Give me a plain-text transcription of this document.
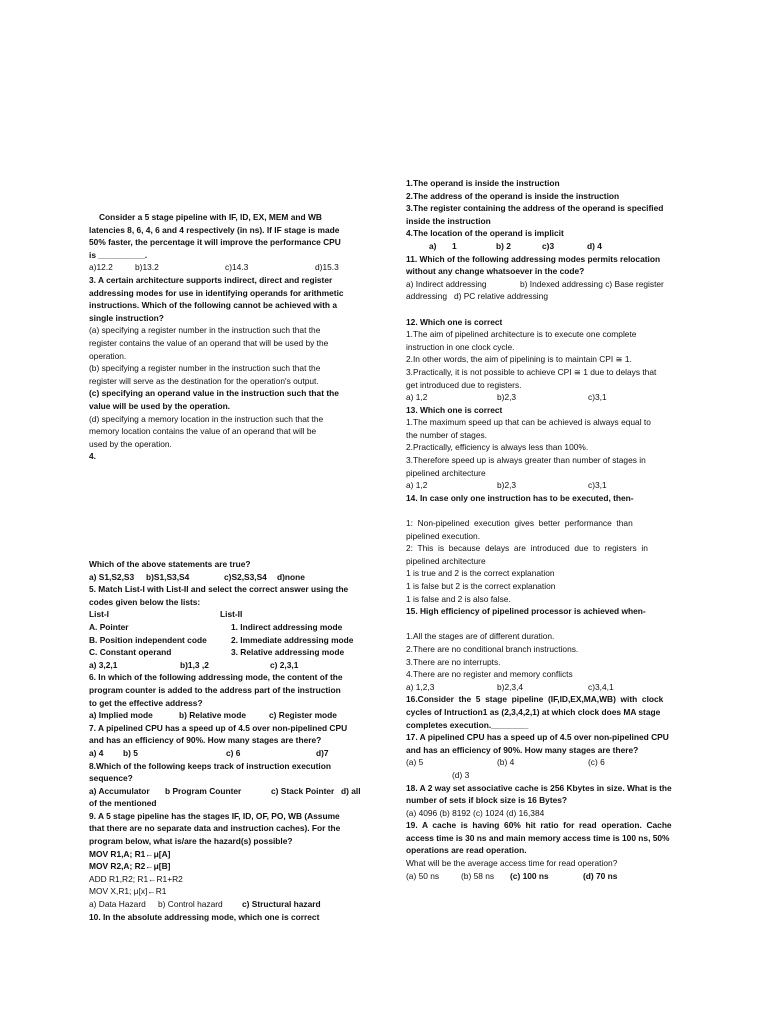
Consider a 5 stage pipeline with IF, ID, EX, MEM and WB

latencies 8, 6, 4, 6 and 4 respectively (in ns). If IF stage is made

50% faster, the percentage it will improve the performance CPU

is __________.

a)12.2	b)13.2	c)14.3	d)15.3

3. A certain architecture supports indirect, direct and register

addressing modes for use in identifying operands for arithmetic

instructions. Which of the following cannot be achieved with a

single instruction?

(a) specifying a register number in the instruction such that the

register contains the value of an operand that will be used by the

operation.

(b) specifying a register number in the instruction such that the

register will serve as the destination for the operation's output.

(c) specifying an operand value in the instruction such that the

value will be used by the operation.

(d) specifying a memory location in the instruction such that the

memory location contains the value of an operand that will be

used by the operation.

4.

Which of the above statements are true?

a) S1,S2,S3	b)S1,S3,S4	c)S2,S3,S4	d)none

5. Match List-I with List-II and select the correct answer using the

codes given below the lists:

List-I	List-II
A. Pointer	1. Indirect addressing mode
B. Position independent code	2. Immediate addressing mode
C. Constant operand	3. Relative addressing mode
a) 3,2,1	b)1,3 ,2	c) 2,3,1

6. In which of the following addressing mode, the content of the

program counter is added to the address part of the instruction

to get the effective address?

a) Implied mode	b) Relative mode	c) Register mode

7. A pipelined CPU has a speed up of 4.5 over non-pipelined CPU

and has an efficiency of 90%. How many stages are there?

a) 4	b) 5	c) 6	d)7

8.Which of the following keeps track of instruction execution

sequence?

a) Accumulator	b Program Counter	c) Stack Pointer d) all

of the mentioned

9. A 5 stage pipeline has the stages IF, ID, OF, PO, WB (Assume

that there are no separate data and instruction caches). For the

program below, what is/are the hazard(s) possible?

MOV R1,A; R1←μ[A]

MOV R2,A; R2←μ[B]

ADD R1,R2; R1←R1+R2

MOV X,R1; μ[x]←R1

a) Data Hazard	b) Control hazard	c) Structural hazard

10. In the absolute addressing mode, which one is correct

1.The operand is inside the instruction

2.The address of the operand is inside the instruction

3.The register containing the address of the operand is specified

inside the instruction

4.The location of the operand is implicit

a)	1	b) 2	c)3	d) 4

11. Which of the following addressing modes permits relocation

without any change whatsoever in the code?

a) Indirect addressing	b) Indexed addressing c) Base register

addressing   d) PC relative addressing

12. Which one is correct

1.The aim of pipelined architecture is to execute one complete

instruction in one clock cycle.

2.In other words, the aim of pipelining is to maintain CPI ≅ 1.

3.Practically, it is not possible to achieve CPI ≅ 1 due to delays that

get introduced due to registers.

a) 1,2	b)2,3	c)3,1

13. Which one is correct

1.The maximum speed up that can be achieved is always equal to

the number of stages.

2.Practically, efficiency is always less than 100%.

3.Therefore speed up is always greater than number of stages in

pipelined architecture

a) 1,2	b)2,3	c)3,1

14. In case only one instruction has to be executed, then-

1:  Non-pipelined  execution  gives  better  performance  than

pipelined execution.

2:  This  is  because  delays  are  introduced  due  to  registers  in

pipelined architecture

1 is true and 2 is the correct explanation

1 is false but 2 is the correct explanation

1 is false and 2 is also false.

15. High efficiency of pipelined processor is achieved when-

1.All the stages are of different duration.

2.There are no conditional branch instructions.

3.There are no interrupts.

4.There are no register and memory conflicts

a) 1,2,3	b)2,3,4	c)3,4,1

16.Consider  the  5  stage  pipeline  (IF,ID,EX,MA,WB)  with  clock

cycles of Intruction1 as (2,3,4,2,1) at which clock does MA stage

completes execution.________

17. A pipelined CPU has a speed up of 4.5 over non-pipelined CPU

and has an efficiency of 90%. How many stages are there?

(a) 5	(b) 4	(c) 6

(d) 3

18. A 2 way set associative cache is 256 Kbytes in size. What is the

number of sets if block size is 16 Bytes?

(a) 4096 (b) 8192 (c) 1024 (d) 16,384

19.  A  cache  is  having  60%  hit  ratio  for  read  operation.  Cache

access time is 30 ns and main memory access time is 100 ns, 50%

operations are read operation.

What will be the average access time for read operation?

(a) 50 ns	(b) 58 ns	(c) 100 ns	(d) 70 ns
